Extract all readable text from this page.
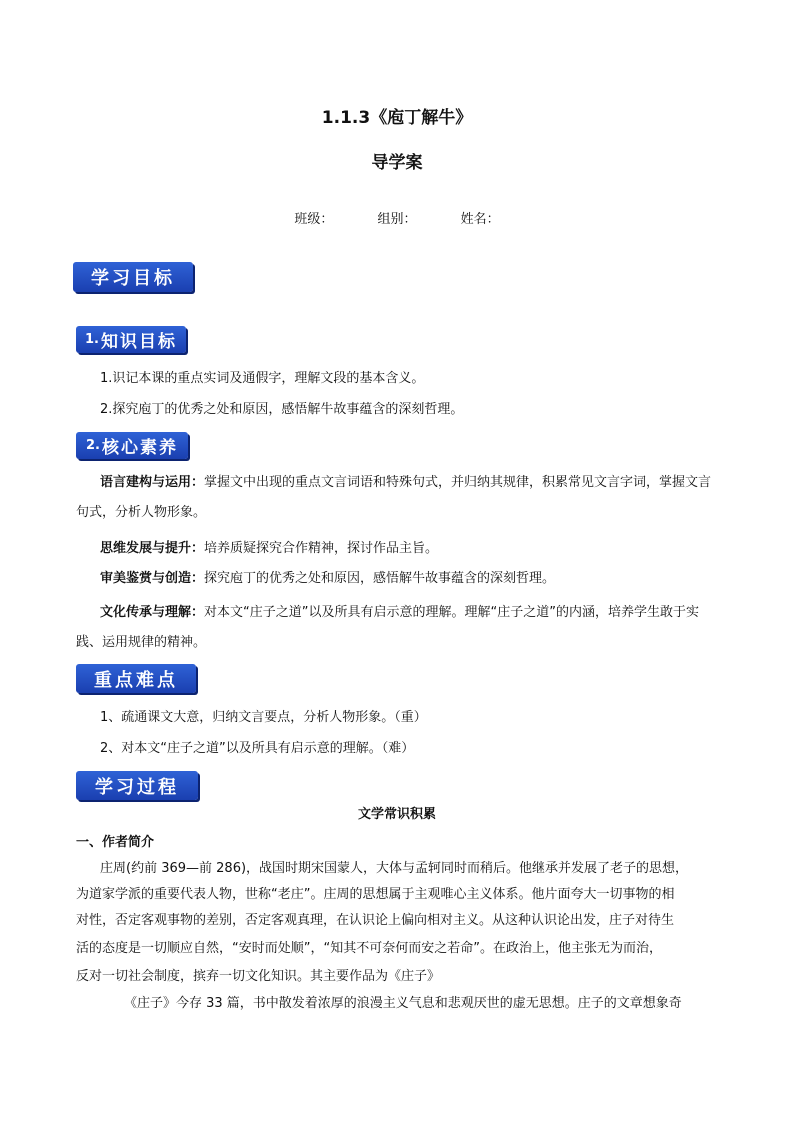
1.1.3《庖丁解牛》
导学案
班级：	组别：	姓名：
学习目标
1. 知识目标
1.识记本课的重点实词及通假字，理解文段的基本含义。
2.探究庖丁的优秀之处和原因，感悟解牛故事蕴含的深刻哲理。
2. 核心素养
语言建构与运用：掌握文中出现的重点文言词语和特殊句式，并归纳其规律，积累常见文言字词，掌握文言句式，分析人物形象。
思维发展与提升：培养质疑探究合作精神，探讨作品主旨。
审美鉴赏与创造：探究庖丁的优秀之处和原因，感悟解牛故事蕴含的深刻哲理。
文化传承与理解：对本文“庄子之道”以及所具有启示意的理解。理解“庄子之道”的内涵，培养学生敢于实践、运用规律的精神。
重点难点
1、疏通课文大意，归纳文言要点，分析人物形象。（重）
2、对本文“庄子之道”以及所具有启示意的理解。（难）
学习过程
文学常识积累
一、作者简介
庄周(约前 369—前 286)，战国时期宋国蒙人，大体与孟轲同时而稍后。他继承并发展了老子的思想，
为道家学派的重要代表人物，世称“老庄”。庄周的思想属于主观唯心主义体系。他片面夸大一切事物的相
对性，否定客观事物的差别，否定客观真理，在认识论上偏向相对主义。从这种认识论出发，庄子对待生
活的态度是一切顺应自然，“安时而处顺”，“知其不可奈何而安之若命”。在政治上，他主张无为而治，
反对一切社会制度，摈弃一切文化知识。其主要作品为《庄子》
《庄子》今存 33 篇，书中散发着浓厚的浪漫主义气息和悲观厌世的虚无思想。庄子的文章想象奇
